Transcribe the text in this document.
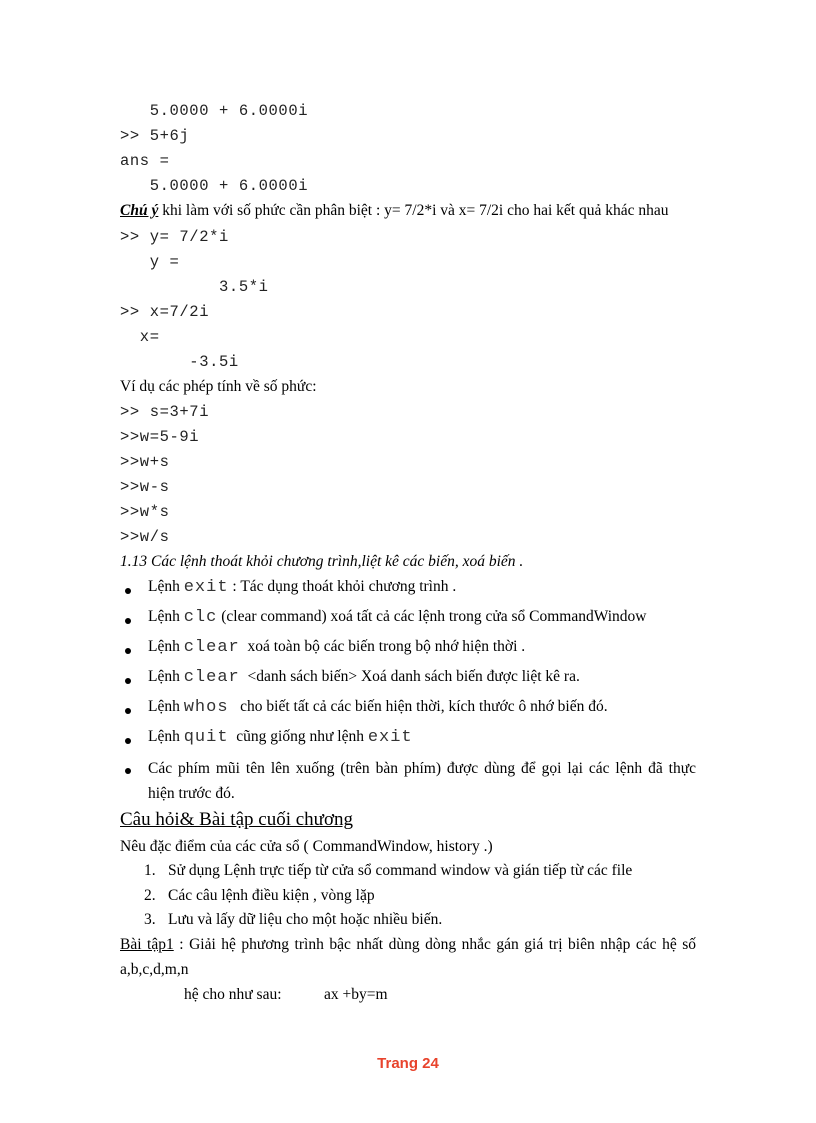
5.0000 + 6.0000i
>> 5+6j
ans =
5.0000 + 6.0000i
Chú ý khi làm với số phức cần phân biệt : y= 7/2*i và x= 7/2i cho hai kết quả khác nhau
>> y= 7/2*i
y =
3.5*i
>> x=7/2i
x=
-3.5i
Ví dụ các phép tính về số phức:
>> s=3+7i
>>w=5-9i
>>w+s
>>w-s
>>w*s
>>w/s
1.13 Các lệnh thoát khỏi chương trình,liệt kê các biến, xoá biến .
Lệnh exit : Tác dụng thoát khỏi chương trình .
Lệnh clc (clear command) xoá tất cả các lệnh trong cửa sổ CommandWindow
Lệnh clear  xoá toàn bộ các biến trong bộ nhớ hiện thời .
Lệnh clear  <danh sách biến> Xoá danh sách biến được liệt kê ra.
Lệnh whos   cho biết tất cả các biến hiện thời, kích thước ô nhớ biến đó.
Lệnh quit  cũng giống như lệnh exit
Các phím mũi tên lên xuống (trên bàn phím) được dùng để gọi lại các lệnh đã thực
hiện trước đó.
Câu hỏi& Bài tập cuối chương
Nêu đặc điểm của các cửa sổ ( CommandWindow, history .)
1. Sử dụng Lệnh trực tiếp từ cửa sổ command window và gián tiếp từ các file
2. Các câu lệnh điều kiện , vòng lặp
3. Lưu và lấy dữ liệu cho một hoặc nhiều biến.
Bài tập1 : Giải hệ phương trình bậc nhất dùng dòng nhắc gán giá trị biên nhập các hệ số
a,b,c,d,m,n
hệ cho như sau:	ax +by=m
Trang 24
